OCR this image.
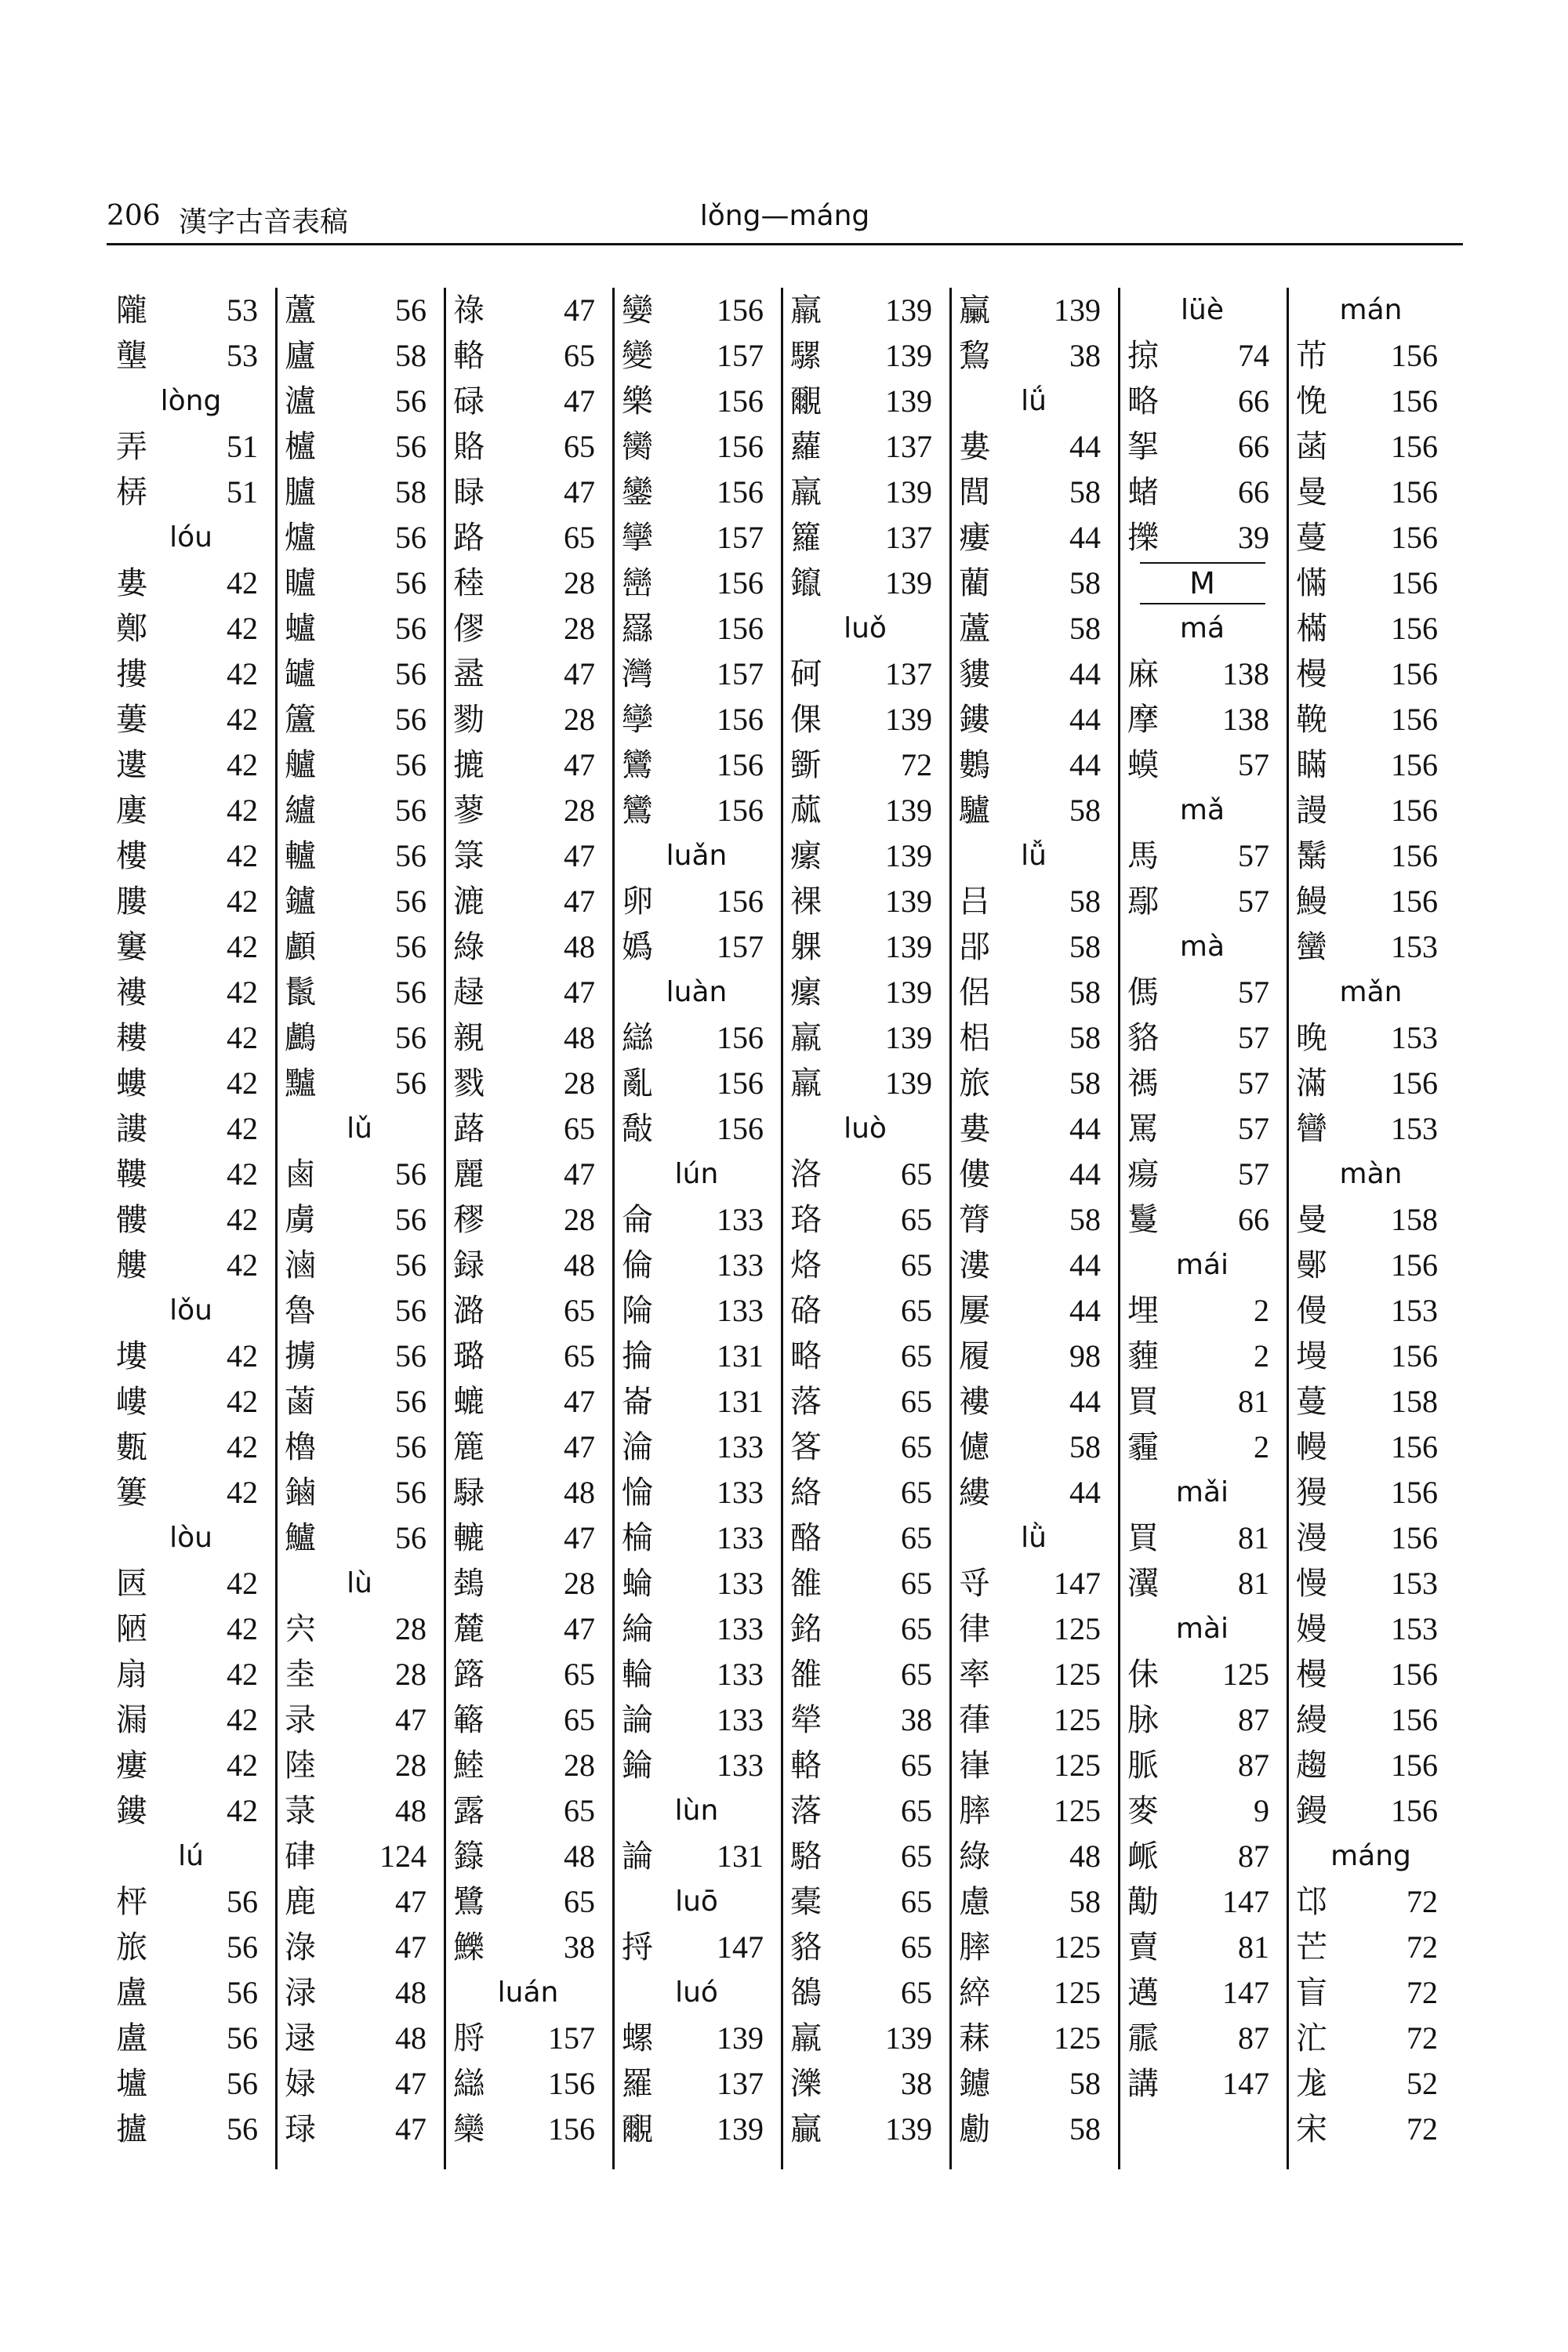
206 漢字古音表稿	lǒng—máng
隴	53
壟	53
lòng
弄	51
梇	51
lóu
婁	42
鄭	42
摟	42
蔞	42
遱	42
廔	42
樓	42
膢	42
窶	42
褸	42
耬	42
螻	42
謱	42
鞻	42
髏	42
艛	42
lǒu
塿	42
嶁	42
甊	42
簍	42
lòu
㔷	42
陋	42
扇	42
漏	42
瘻	42
鏤	42
lú
枰	56
旅	56
盧	56
盧	56
壚	56
攎	56
蘆	56
廬	58
瀘	56
櫨	56
臚	58
爐	56
矑	56
蠦	56
罏	56
籚	56
艫	56
纑	56
轤	56
鑪	56
顱	56
鬛	56
鸕	56
黸	56
lǔ
鹵	56
虜	56
滷	56
魯	56
擄	56
蓾	56
櫓	56
鏀	56
鱸	56
lù
宍	28
坴	28
录	47
陸	28
菉	48
硉 124
鹿	47
淥	47
渌	48
逯	48
娽	47
琭	47
祿	47
輅	65
碌	47
賂	65
睩	47
路	65
稑	28
僇	28
盝	47
勠	28
摝	47
蓼	28
箓	47
漉	47
綠	48
趢	47
親	48
戮	28
蕗	65
麗	47
穋	28
録	48
潞	65
璐	65
螰	47
簏	47
騄	48
轆	47
鵱	28
麓	47
簬	65
簵	65
鯥	28
露	65
籙	48
鷺	65
鱳	38
luán
脟 157
䜌 156
欒 156
孌 156
變 157
樂 156
臠 156
鑾 156
攣 157
巒 156
羉 156
灣 157
孿 156
鸞 156
鸞 156
luǎn
卵 156
嬀 157
luàn
䜌 156
亂 156
敽 156
lún
侖 133
倫 133
陯 133
掄 131
崙 131
淪 133
惀 133
棆 133
蜦 133
綸 133
輪 133
論 133
錀 133
lùn
論 131
luō
捋 147
luó
螺 139
羅 137
覼 139
羸 139
騾 139
覼 139
蘿 137
羸 139
籮 137
鑹 139
luǒ
砢 137
倮 139
斵	72
蓏 139
瘰 139
裸 139
躶 139
瘰 139
羸 139
羸 139
luò
洛	65
珞	65
烙	65
硌	65
略	65
落	65
笿	65
絡	65
酪	65
雒	65
銘	65
雒	65
犖	38
輅	65
落	65
駱	65
橐	65
貉	65
鵅	65
羸 139
濼	38
贏 139
臝 139
鵹	38
lǘ
婁	44
閭	58
瘻	44
藺	58
蘆	58
貗	44
鏤	44
鷜	44
驢	58
lǚ
吕	58
郘	58
侶	58
梠	58
旅	58
婁	44
僂	44
膂	58
漊	44
屢	44
履	98
褸	44
儢	58
縷	44
lǜ
寽 147
律 125
率 125
葎 125
嵂 125
膟 125
綠	48
慮	58
膟 125
綷 125
䔉 125
鑢	58
勴	58
lüè
掠	74
略	66
挐	66
蝫	66
擽	39
M
má
麻 138
摩 138
蟆	57
mǎ
馬	57
鄢	57
mà
傌	57
貉	57
禡	57
罵	57
瘍	57
鬘	66
mái
埋	2
薶	2
買	81
霾	2
mǎi
買	81
瀷	81
mài
佅 125
脉	87
脈	87
麥	9
衇	87
勱 147
賣	81
邁 147
霢	87
講 147
mán
芇 156
悗 156
菡 156
曼 156
蔓 156
慲 156
樠 156
槾 156
鞔 156
瞞 156
謾 156
鬗 156
鰻 156
蠻 153
mǎn
晚 153
滿 156
矕 153
màn
曼 158
鄤 156
僈 153
墁 156
蔓 158
幔 156
獌 156
漫 156
慢 153
嫚 153
槾 156
縵 156
趨 156
鏝 156
máng
邙	72
芒	72
盲	72
汒	72
尨	52
宋	72
